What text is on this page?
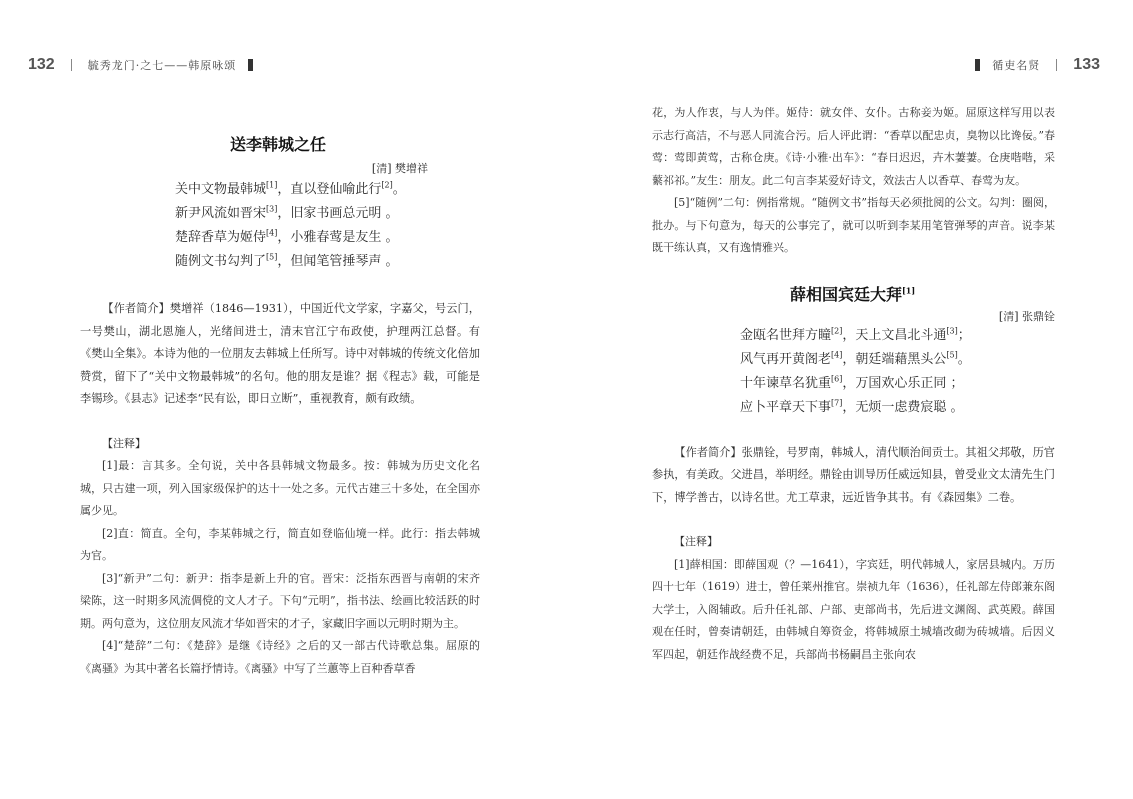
132	毓秀龙门·之七——韩原咏颂	循吏名贤 133

送李韩城之任

[清] 樊增祥

关中文物最韩城[1]，直以登仙喻此行[2]。

新尹风流如晋宋[3]，旧家书画总元明 。

楚辞香草为姬侍[4]，小雅春莺是友生 。

随例文书勾判了[5]，但闻笔管捶琴声 。

【作者简介】樊增祥（1846—1931），中国近代文学家，字嘉父，号云门，一号樊山，湖北恩施人，光绪间进士，清末官江宁布政使，护理两江总督。有《樊山全集》。本诗为他的一位朋友去韩城上任所写。诗中对韩城的传统文化倍加赞赏，留下了“关中文物最韩城”的名句。他的朋友是谁？据《程志》载，可能是李锡珍。《县志》记述李“民有讼，即日立断”，重视教育，颇有政绩。

【注释】

[1]最：言其多。全句说，关中各县韩城文物最多。按：韩城为历史文化名城，只古建一项，列入国家级保护的达十一处之多。元代古建三十多处，在全国亦属少见。

[2]直：简直。全句，李某韩城之行，简直如登临仙境一样。此行：指去韩城为官。

[3]“新尹”二句：新尹：指李是新上升的官。晋宋：泛指东西晋与南朝的宋齐梁陈，这一时期多风流倜傥的文人才子。下句“元明”，指书法、绘画比较活跃的时期。两句意为，这位朋友风流才华如晋宋的才子，家藏旧字画以元明时期为主。

[4]“楚辞”二句：《楚辞》是继《诗经》之后的又一部古代诗歌总集。屈原的《离骚》为其中著名长篇抒情诗。《离骚》中写了兰蕙等上百种香草香

花，为人作衷，与人为伴。姬侍：就女伴、女仆。古称妾为姬。屈原这样写用以表示志行高洁，不与恶人同流合污。后人评此谓：“香草以配忠贞，臭物以比谗佞。”春莺：莺即黄莺，古称仓庚。《诗·小雅·出车》：“春日迟迟，卉木萋萋。仓庚喈喈，采蘩祁祁。”友生：朋友。此二句言李某爱好诗文，效法古人以香草、春莺为友。

[5]“随例”二句：例指常规。“随例文书”指每天必须批阅的公文。勾判：圈阅，批办。与下句意为，每天的公事完了，就可以听到李某用笔管弹琴的声音。说李某既干练认真，又有逸情雅兴。

薛相国宾廷大拜[1]

[清] 张鼎铨

金瓯名世拜方瞳[2]，天上文昌北斗通[3]；

风气再开黄阁老[4]，朝廷端藉黑头公[5]。

十年谏草名犹重[6]，万国欢心乐正同 ；

应卜平章天下事[7]，无烦一虑费宸聪 。

【作者简介】张鼎铨，号罗南，韩城人，清代顺治间贡士。其祖父邦敬，历官参执，有美政。父进昌，举明经。鼎铨由训导历任威远知县，曾受业文太清先生门下，博学善古，以诗名世。尤工草隶，远近皆争其书。有《森园集》二卷。

【注释】

[1]薛相国：即薛国观（？—1641），字宾廷，明代韩城人，家居县城内。万历四十七年（1619）进士，曾任莱州推官。崇祯九年（1636），任礼部左侍郎兼东阁大学士，入阁辅政。后升任礼部、户部、吏部尚书，先后进文渊阁、武英殿。薛国观在任时，曾奏请朝廷，由韩城自筹资金，将韩城原土城墙改砌为砖城墙。后因义军四起，朝廷作战经费不足，兵部尚书杨嗣昌主张向农
